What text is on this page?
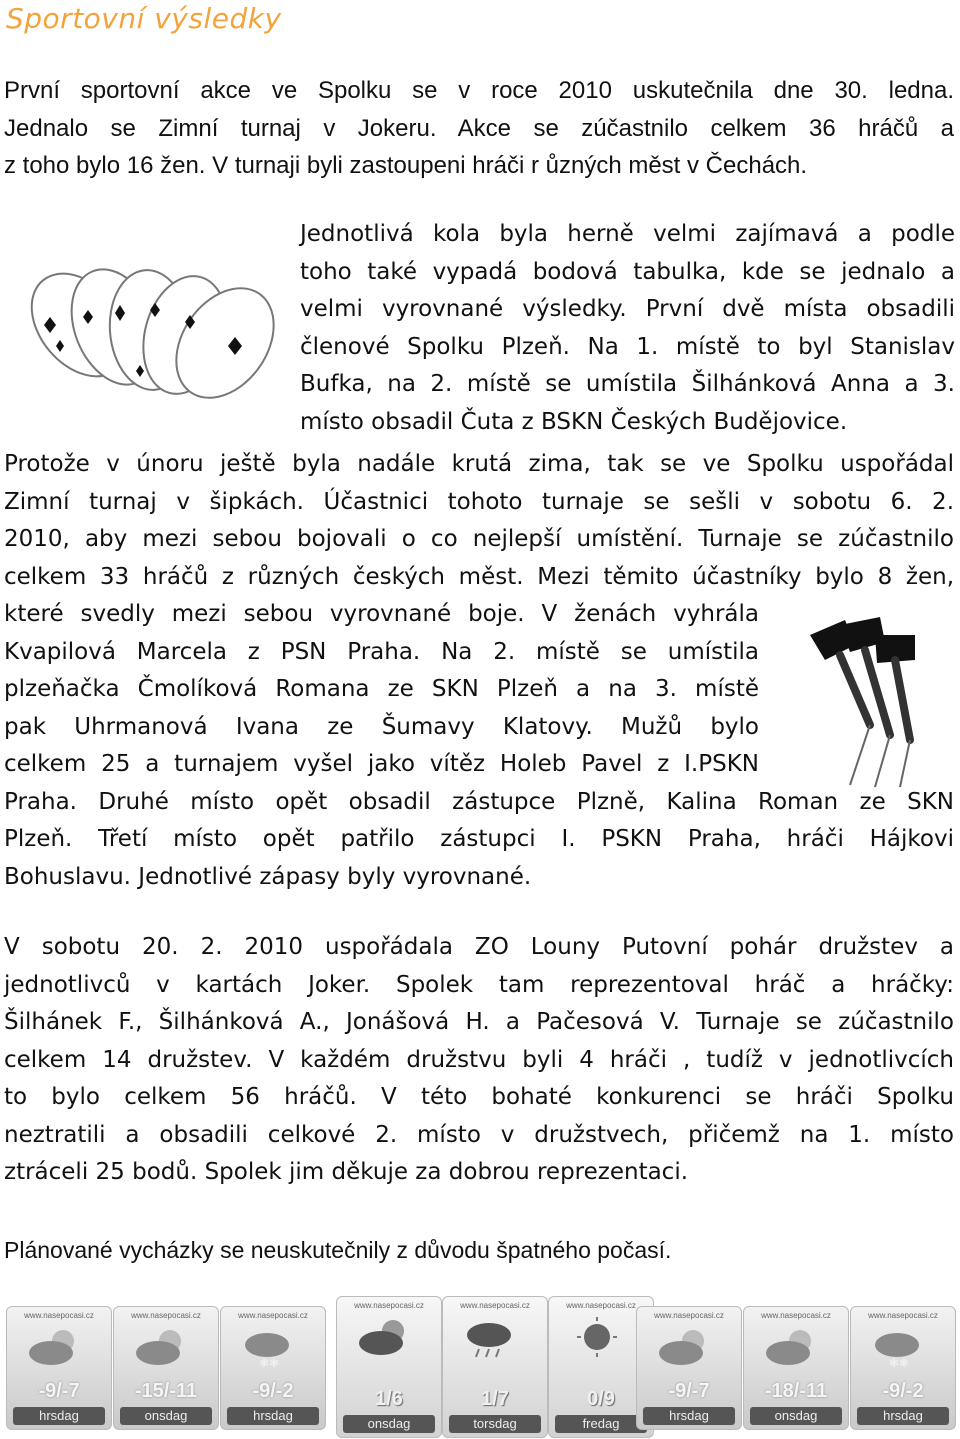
Sportovní výsledky

První sportovní akce ve Spolku se v roce 2010 uskutečnila dne 30. ledna.
Jednalo se Zimní turnaj v Jokeru. Akce se zúčastnilo celkem 36 hráčů a
z toho bylo 16 žen. V turnaji byli zastoupeni hráči r ůzných měst v Čechách.

Jednotlivá kola byla herně velmi zajímavá a podle
toho také vypadá bodová tabulka, kde se jednalo a
velmi vyrovnané výsledky. První dvě místa obsadili
členové Spolku Plzeň. Na 1. místě to byl Stanislav
Bufka, na 2. místě se umístila Šilhánková Anna a 3.
místo obsadil Čuta z BSKN Českých Budějovice.

Protože v únoru ještě byla nadále krutá zima, tak se ve Spolku uspořádal
Zimní turnaj v šipkách. Účastnici tohoto turnaje se sešli v sobotu 6. 2.
2010, aby mezi sebou bojovali o co nejlepší umístění. Turnaje se zúčastnilo
celkem 33 hráčů z různých českých měst. Mezi těmito účastníky bylo 8 žen,
které svedly mezi sebou vyrovnané boje. V ženách vyhrála
Kvapilová Marcela z PSN Praha. Na 2. místě se umístila
plzeňačka Čmolíková Romana ze SKN Plzeň a na 3. místě
pak Uhrmanová Ivana ze Šumavy Klatovy. Mužů bylo
celkem 25 a turnajem vyšel jako vítěz Holeb Pavel z I.PSKN
Praha. Druhé místo opět obsadil zástupce Plzně, Kalina Roman ze SKN
Plzeň. Třetí místo opět patřilo zástupci I. PSKN Praha, hráči Hájkovi
Bohuslavu. Jednotlivé zápasy byly vyrovnané.

V sobotu 20. 2. 2010 uspořádala ZO Louny Putovní pohár družstev a
jednotlivců v kartách Joker. Spolek tam reprezentoval hráč a hráčky:
Šilhánek F., Šilhánková A., Jonášová H. a Pačesová V. Turnaje se zúčastnilo
celkem 14 družstev. V každém družstvu byli 4 hráči , tudíž v jednotlivcích
to bylo celkem 56 hráčů. V této bohaté konkurenci se hráči Spolku
neztratili a obsadili celkové 2. místo v družstvech, přičemž na 1. místo
ztráceli 25 bodů. Spolek jim děkuje za dobrou reprezentaci.

Plánované vycházky se neuskutečnily z důvodu špatného počasí.

www.nasepocasi.cz
-9/-7
hrsdag
www.nasepocasi.cz
-15/-11
onsdag
www.nasepocasi.cz
✱✱
-9/-2
hrsdag
www.nasepocasi.cz
1/6
onsdag
www.nasepocasi.cz
1/7
torsdag
www.nasepocasi.cz
0/9
fredag
www.nasepocasi.cz
-9/-7
hrsdag
www.nasepocasi.cz
-18/-11
onsdag
www.nasepocasi.cz
✱✱
-9/-2
hrsdag
